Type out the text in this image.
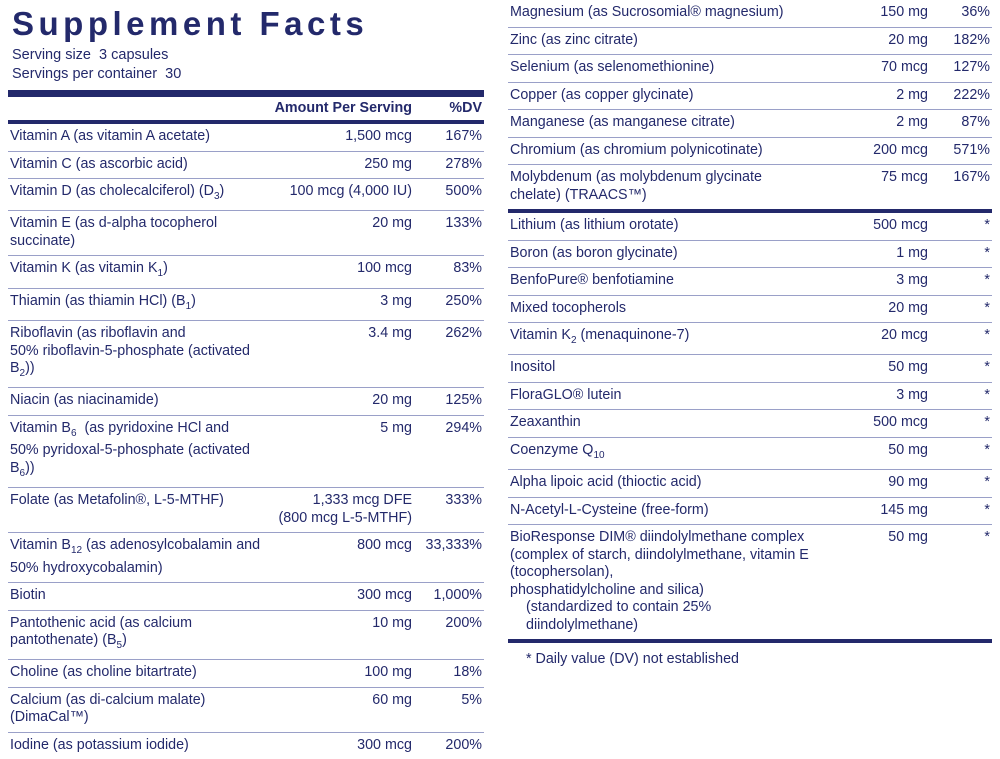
Supplement Facts
Serving size 3 capsules
Servings per container 30
	Amount Per Serving	%DV
Vitamin A (as vitamin A acetate)	1,500 mcg	167%
Vitamin C (as ascorbic acid)	250 mg	278%
Vitamin D (as cholecalciferol) $(D_3)$	100 mcg (4,000 IU)	500%
Vitamin E (as d-alpha tocopherol succinate)	20 mg	133%
Vitamin K (as vitamin $K_1$)	100 mcg	83%
Thiamin (as thiamin HCl) $(B_1)$	3 mg	250%
Riboflavin (as riboflavin and
50% riboflavin-5-phosphate (activated $B_2$))	3.4 mg	262%
Niacin (as niacinamide)	20 mg	125%
Vitamin $B_6$  (as pyridoxine HCl and
50% pyridoxal-5-phosphate (activated $B_6$))	5 mg	294%
Folate (as Metafolin®, L-5-MTHF)	1,333 mcg DFE
(800 mcg L-5-MTHF)	333%
Vitamin $B_{12}$ (as adenosylcobalamin and
50% hydroxycobalamin)	800 mcg	33,333%
Biotin	300 mcg	1,000%
Pantothenic acid (as calcium
pantothenate) $(B_5)$	10 mg	200%
Choline (as choline bitartrate)	100 mg	18%
Calcium (as di-calcium malate) (DimaCal™)	60 mg	5%
Iodine (as potassium iodide)	300 mcg	200%
Magnesium (as Sucrosomial® magnesium)	150 mg	36%
Zinc (as zinc citrate)	20 mg	182%
Selenium (as selenomethionine)	70 mcg	127%
Copper (as copper glycinate)	2 mg	222%
Manganese (as manganese citrate)	2 mg	87%
Chromium (as chromium polynicotinate)	200 mcg	571%
Molybdenum (as molybdenum glycinate
chelate) (TRAACS™)	75 mcg	167%
Lithium (as lithium orotate)	500 mcg	*
Boron (as boron glycinate)	1 mg	*
BenfoPure® benfotiamine	3 mg	*
Mixed tocopherols	20 mg	*
Vitamin $K_2$ (menaquinone-7)	20 mcg	*
Inositol	50 mg	*
FloraGLO® lutein	3 mg	*
Zeaxanthin	500 mcg	*
Coenzyme $Q_{10}$	50 mg	*
Alpha lipoic acid (thioctic acid)	90 mg	*
N-Acetyl-L-Cysteine (free-form)	145 mg	*
BioResponse DIM® diindolylmethane complex
(complex of starch, diindolylmethane, vitamin E (tocophersolan),
phosphatidylcholine and silica)
(standardized to contain 25% diindolylmethane)	50 mg	*
* Daily value (DV) not established
